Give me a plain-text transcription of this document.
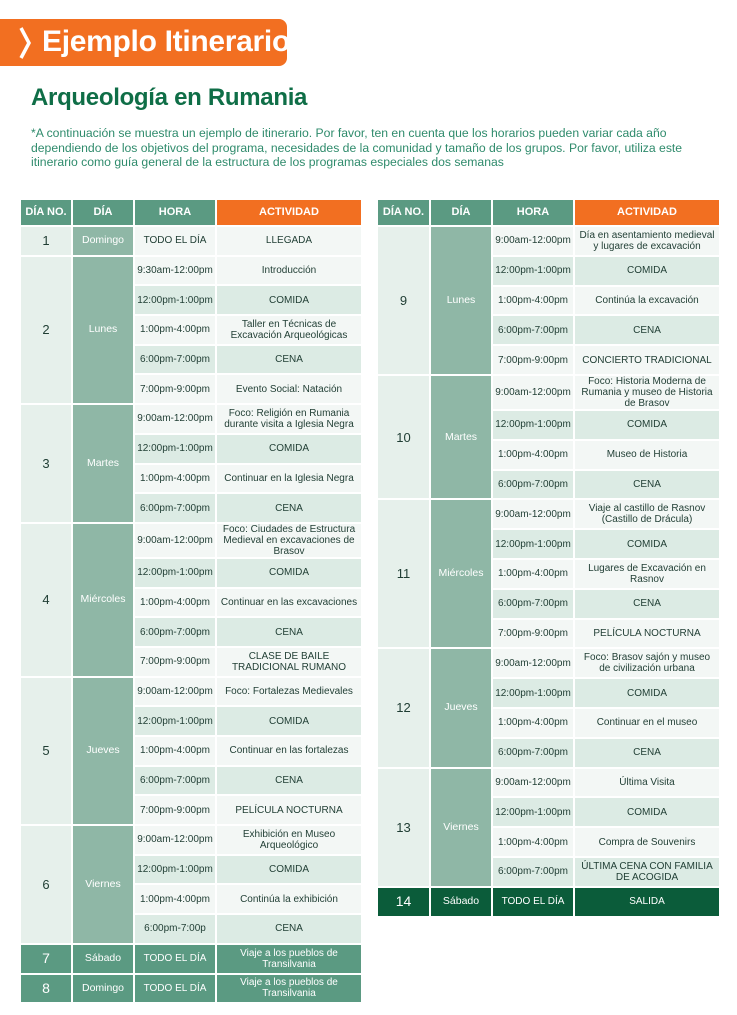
Ejemplo Itinerario
Arqueología en Rumania
*A continuación se muestra un ejemplo de itinerario. Por favor, ten en cuenta que los horarios pueden variar cada año dependiendo de los objetivos del programa, necesidades de la comunidad y tamaño de los grupos. Por favor, utiliza este itinerario como guía general de la estructura de los programas especiales dos semanas
DÍA NO.	DÍA	HORA	ACTIVIDAD
1	Domingo	TODO EL DÍA	LLEGADA
2	Lunes	9:30am-12:00pm	Introducción
		12:00pm-1:00pm	COMIDA
		1:00pm-4:00pm	Taller en Técnicas de Excavación Arqueológicas
		6:00pm-7:00pm	CENA
		7:00pm-9:00pm	Evento Social: Natación
3	Martes	9:00am-12:00pm	Foco: Religión en Rumania durante visita a Iglesia Negra
		12:00pm-1:00pm	COMIDA
		1:00pm-4:00pm	Continuar en la Iglesia Negra
		6:00pm-7:00pm	CENA
4	Miércoles	9:00am-12:00pm	Foco: Ciudades de Estructura Medieval en excavaciones de Brasov
		12:00pm-1:00pm	COMIDA
		1:00pm-4:00pm	Continuar en las excavaciones
		6:00pm-7:00pm	CENA
		7:00pm-9:00pm	CLASE DE BAILE TRADICIONAL RUMANO
5	Jueves	9:00am-12:00pm	Foco: Fortalezas Medievales
		12:00pm-1:00pm	COMIDA
		1:00pm-4:00pm	Continuar en las fortalezas
		6:00pm-7:00pm	CENA
		7:00pm-9:00pm	PELÍCULA NOCTURNA
6	Viernes	9:00am-12:00pm	Exhibición en Museo Arqueológico
		12:00pm-1:00pm	COMIDA
		1:00pm-4:00pm	Continúa la exhibición
		6:00pm-7:00p	CENA
7	Sábado	TODO EL DÍA	Viaje a los pueblos de Transilvania
8	Domingo	TODO EL DÍA	Viaje a los pueblos de Transilvania
DÍA NO.	DÍA	HORA	ACTIVIDAD
9	Lunes	9:00am-12:00pm	Día en asentamiento medieval y lugares de excavación
		12:00pm-1:00pm	COMIDA
		1:00pm-4:00pm	Continúa la excavación
		6:00pm-7:00pm	CENA
		7:00pm-9:00pm	CONCIERTO TRADICIONAL
10	Martes	9:00am-12:00pm	Foco: Historia Moderna de Rumania y museo de Historia de Brasov
		12:00pm-1:00pm	COMIDA
		1:00pm-4:00pm	Museo de Historia
		6:00pm-7:00pm	CENA
11	Miércoles	9:00am-12:00pm	Viaje al castillo de Rasnov (Castillo de Drácula)
		12:00pm-1:00pm	COMIDA
		1:00pm-4:00pm	Lugares de Excavación en Rasnov
		6:00pm-7:00pm	CENA
		7:00pm-9:00pm	PELÍCULA NOCTURNA
12	Jueves	9:00am-12:00pm	Foco: Brasov sajón y museo de civilización urbana
		12:00pm-1:00pm	COMIDA
		1:00pm-4:00pm	Continuar en el museo
		6:00pm-7:00pm	CENA
13	Viernes	9:00am-12:00pm	Última Visita
		12:00pm-1:00pm	COMIDA
		1:00pm-4:00pm	Compra de Souvenirs
		6:00pm-7:00pm	ÚLTIMA CENA CON FAMILIA DE ACOGIDA
14	Sábado	TODO EL DÍA	SALIDA
